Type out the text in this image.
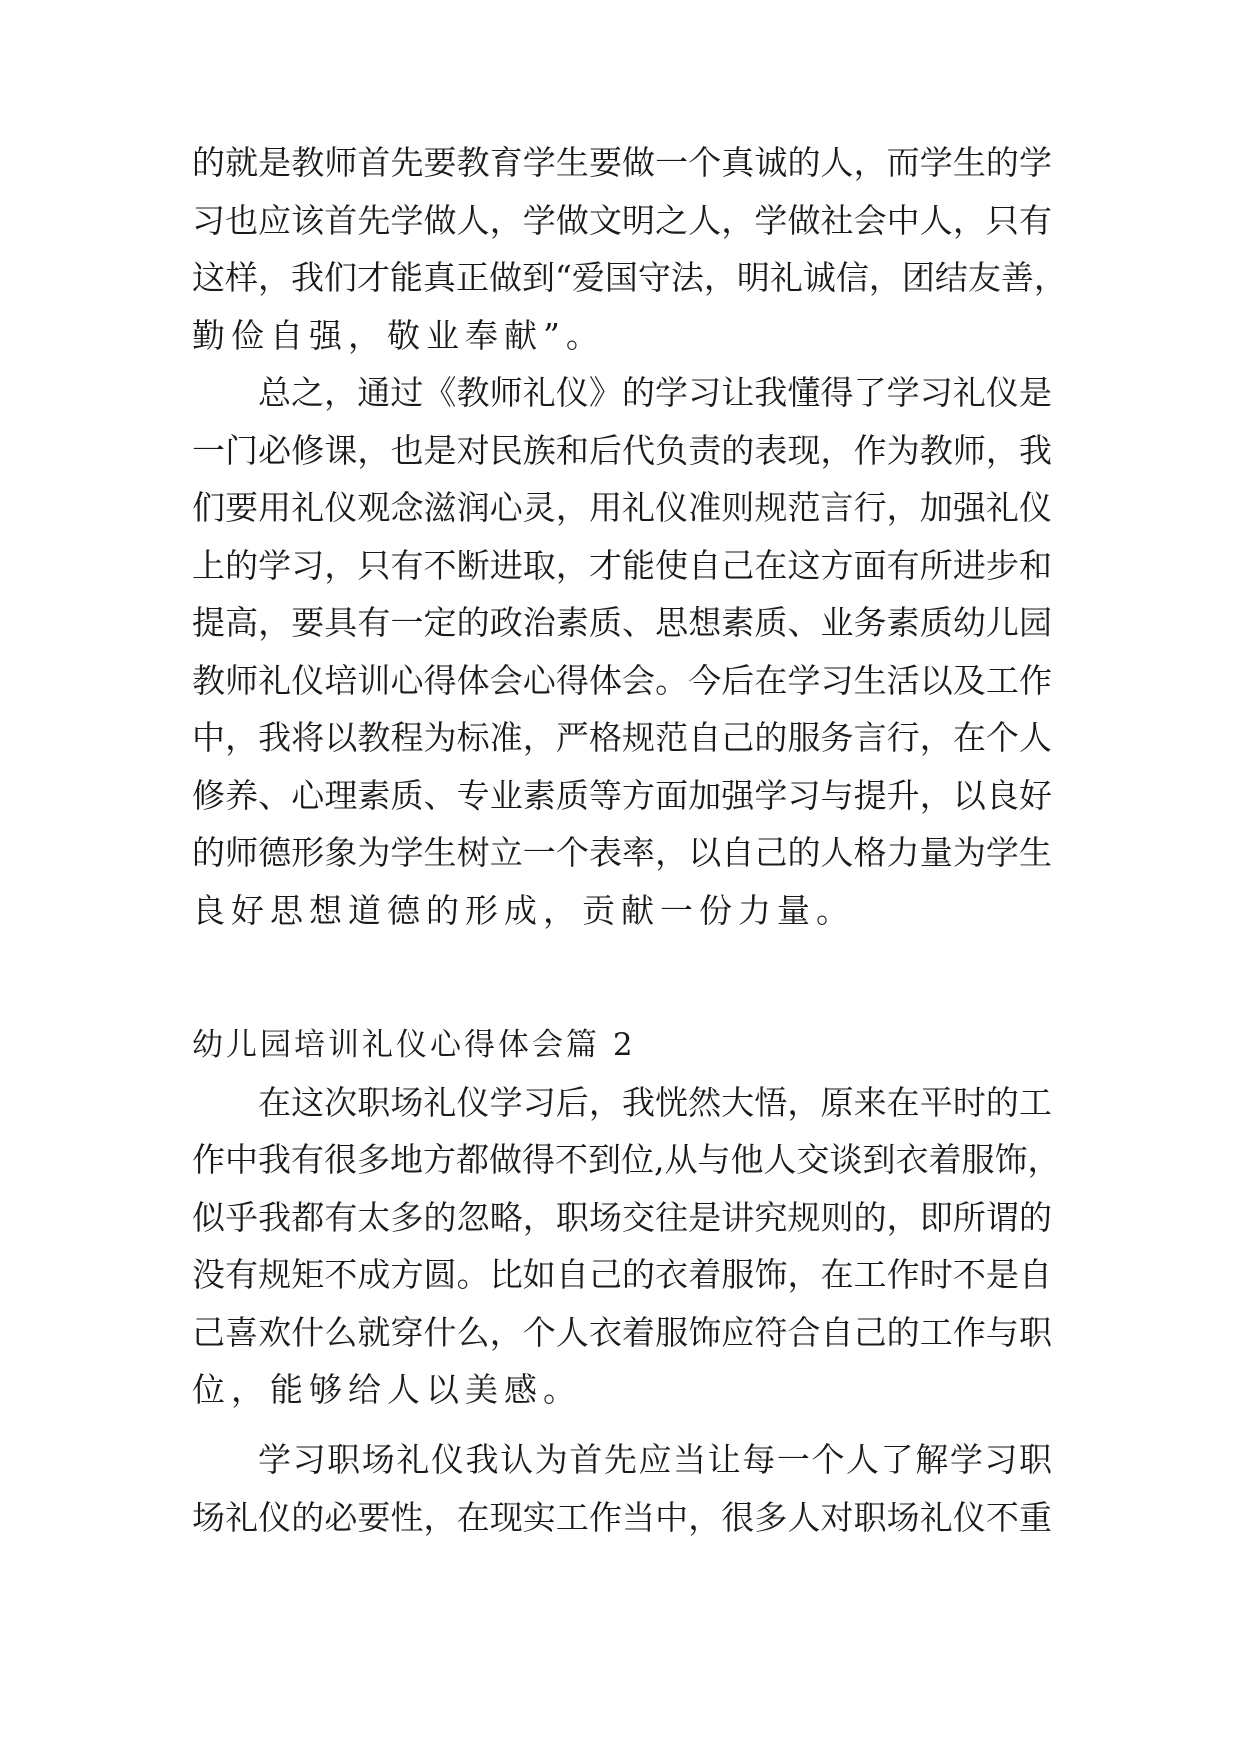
的就是教师首先要教育学生要做一个真诚的人，而学生的学
习也应该首先学做人，学做文明之人，学做社会中人，只有
这样，我们才能真正做到“爱国守法，明礼诚信，团结友善，
勤俭自强，敬业奉献”。
总之，通过《教师礼仪》的学习让我懂得了学习礼仪是
一门必修课，也是对民族和后代负责的表现，作为教师，我
们要用礼仪观念滋润心灵，用礼仪准则规范言行，加强礼仪
上的学习，只有不断进取，才能使自己在这方面有所进步和
提高，要具有一定的政治素质、思想素质、业务素质幼儿园
教师礼仪培训心得体会心得体会。今后在学习生活以及工作
中，我将以教程为标准，严格规范自己的服务言行，在个人
修养、心理素质、专业素质等方面加强学习与提升，以良好
的师德形象为学生树立一个表率，以自己的人格力量为学生
良好思想道德的形成，贡献一份力量。
幼儿园培训礼仪心得体会篇 2
在这次职场礼仪学习后，我恍然大悟，原来在平时的工
作中我有很多地方都做得不到位,从与他人交谈到衣着服饰，
似乎我都有太多的忽略，职场交往是讲究规则的，即所谓的
没有规矩不成方圆。比如自己的衣着服饰，在工作时不是自
己喜欢什么就穿什么，个人衣着服饰应符合自己的工作与职
位，能够给人以美感。
学习职场礼仪我认为首先应当让每一个人了解学习职
场礼仪的必要性，在现实工作当中，很多人对职场礼仪不重
